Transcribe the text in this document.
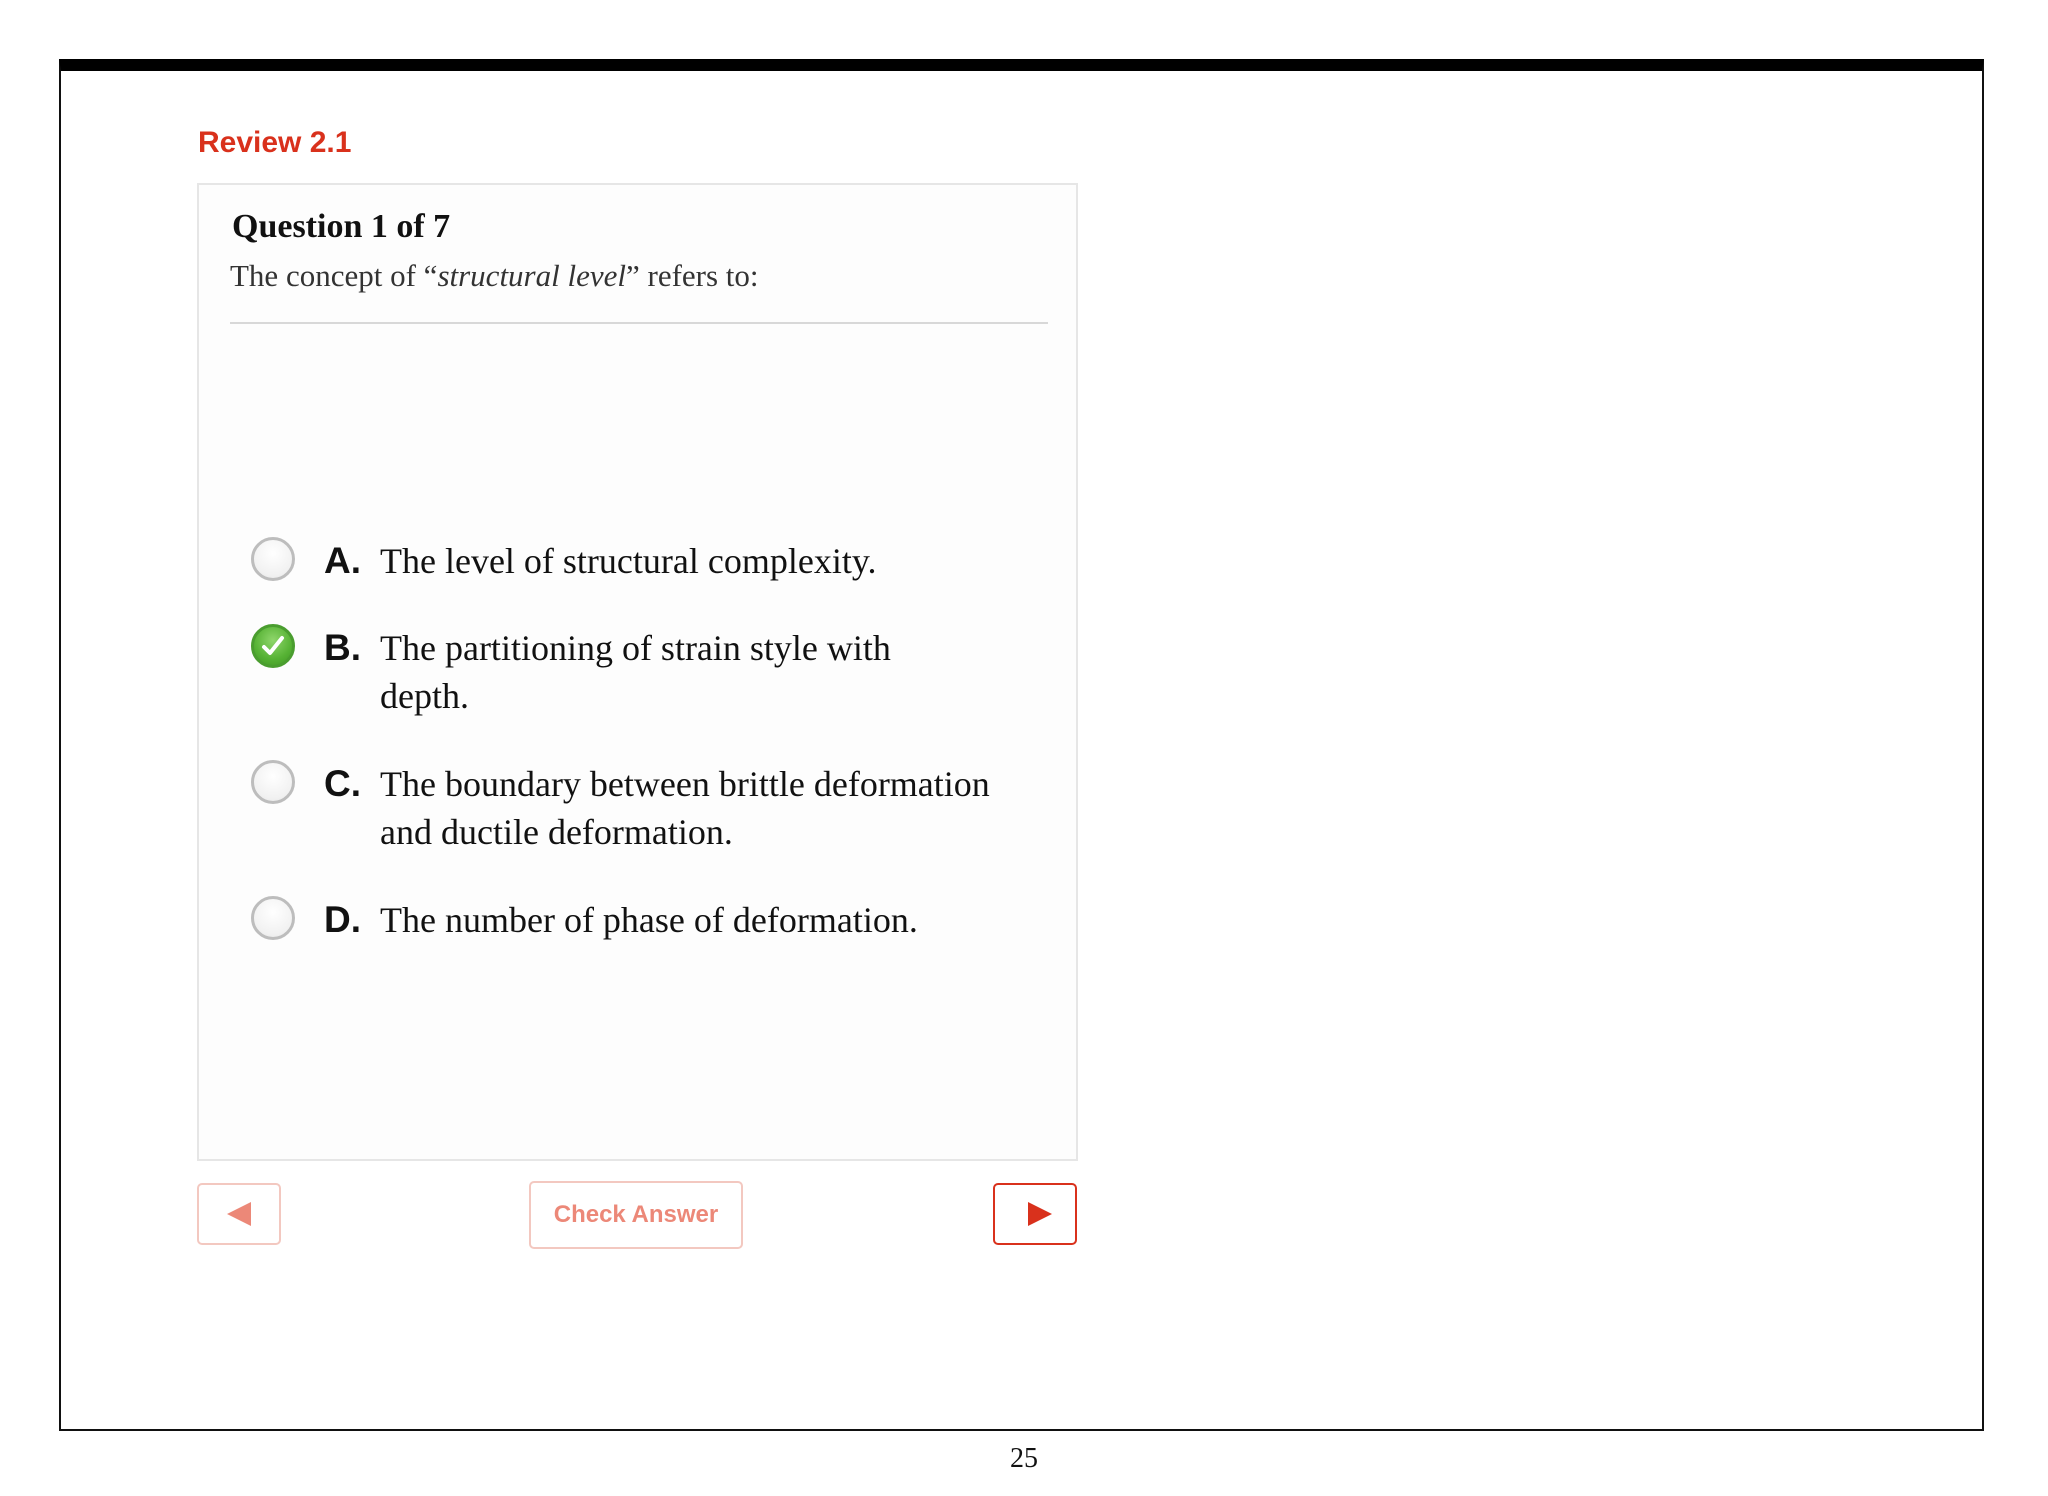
Review 2.1
Question 1 of 7
The concept of “structural level” refers to:
A. The level of structural complexity.
B. The partitioning of strain style with depth.
C. The boundary between brittle deformation and ductile deformation.
D. The number of phase of deformation.
Check Answer
25
